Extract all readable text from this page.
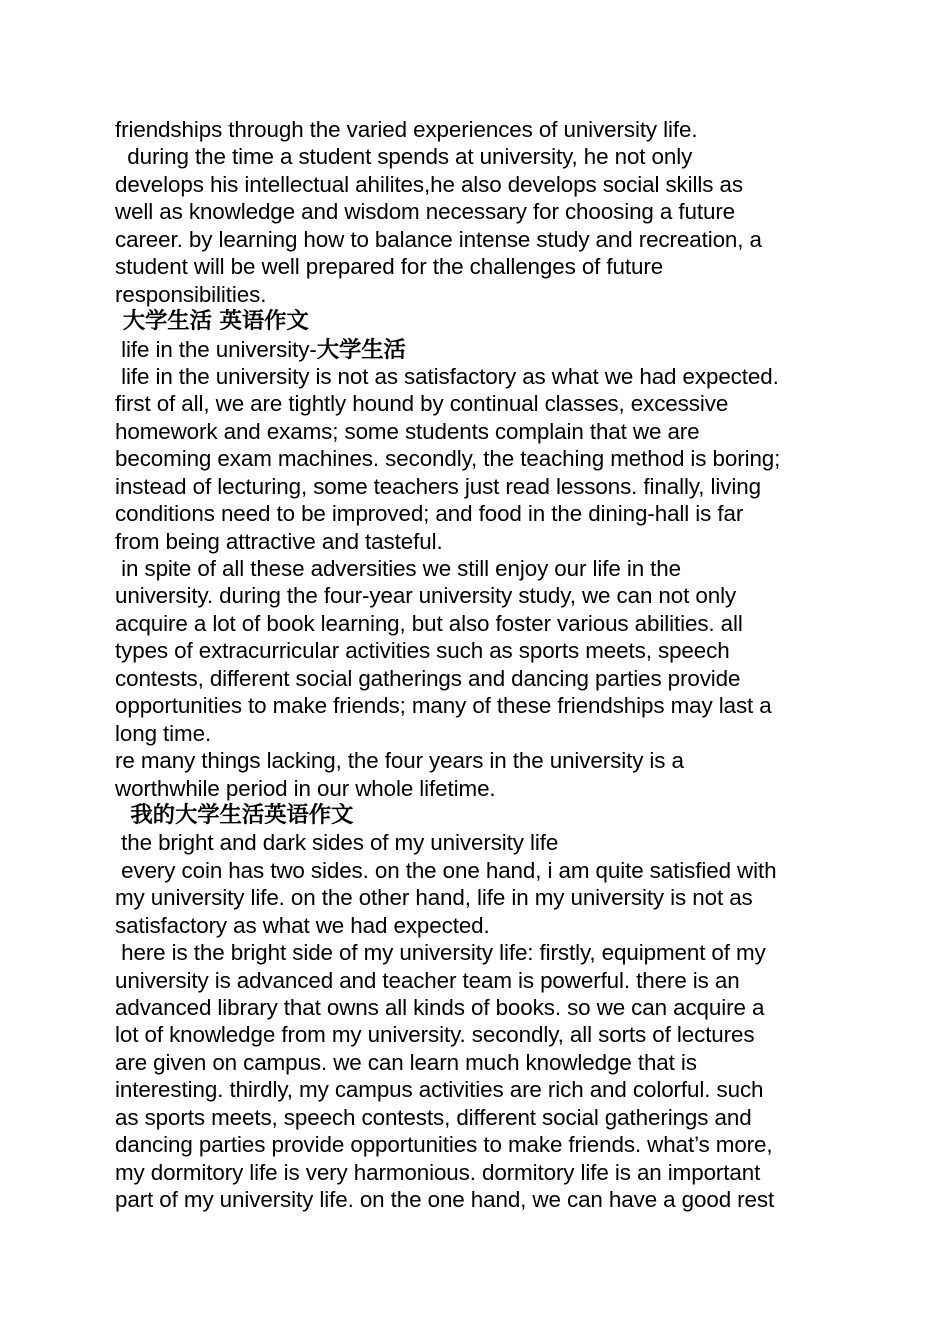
friendships through the varied experiences of university life.
during the time a student spends at university, he not only
develops his intellectual ahilites,he also develops social skills as
well as knowledge and wisdom necessary for choosing a future
career. by learning how to balance intense study and recreation, a
student will be well prepared for the challenges of future
responsibilities.
大学生活 英语作文
life in the university-大学生活
life in the university is not as satisfactory as what we had expected.
first of all, we are tightly hound by continual classes, excessive
homework and exams; some students complain that we are
becoming exam machines. secondly, the teaching method is boring;
instead of lecturing, some teachers just read lessons. finally, living
conditions need to be improved; and food in the dining-hall is far
from being attractive and tasteful.
in spite of all these adversities we still enjoy our life in the
university. during the four-year university study, we can not only
acquire a lot of book learning, but also foster various abilities. all
types of extracurricular activities such as sports meets, speech
contests, different social gatherings and dancing parties provide
opportunities to make friends; many of these friendships may last a
long time.
re many things lacking, the four years in the university is a
worthwhile period in our whole lifetime.
我的大学生活英语作文
the bright and dark sides of my university life
every coin has two sides. on the one hand, i am quite satisfied with
my university life. on the other hand, life in my university is not as
satisfactory as what we had expected.
here is the bright side of my university life: firstly, equipment of my
university is advanced and teacher team is powerful. there is an
advanced library that owns all kinds of books. so we can acquire a
lot of knowledge from my university. secondly, all sorts of lectures
are given on campus. we can learn much knowledge that is
interesting. thirdly, my campus activities are rich and colorful. such
as sports meets, speech contests, different social gatherings and
dancing parties provide opportunities to make friends. what’s more,
my dormitory life is very harmonious. dormitory life is an important
part of my university life. on the one hand, we can have a good rest
